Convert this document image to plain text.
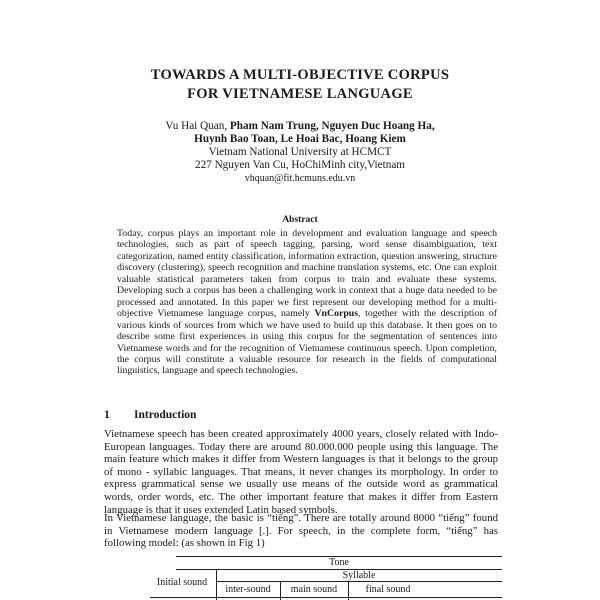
TOWARDS A MULTI-OBJECTIVE CORPUS
FOR VIETNAMESE LANGUAGE
Vu Hai Quan, Pham Nam Trung, Nguyen Duc Hoang Ha,
Huynh Bao Toan, Le Hoai Bac, Hoang Kiem
Vietnam National University at HCMCT
227 Nguyen Van Cu, HoChiMinh city,Vietnam
vhquan@fit.hcmuns.edu.vn
Abstract
Today, corpus plays an important role in development and evaluation language and speech technologies, such as part of speech tagging, parsing, word sense disambiguation, text categorization, named entity classification, information extraction, question answering, structure discovery (clustering), speech recognition and machine translation systems, etc. One can exploit valuable statistical parameters taken from corpus to train and evaluate these systems. Developing such a corpus has been a challenging work in context that a huge data needed to be processed and annotated. In this paper we first represent our developing method for a multi-objective Vietnamese language corpus, namely VnCorpus, together with the description of various kinds of sources from which we have used to build up this database. It then goes on to describe some first experiences in using this corpus for the segmentation of sentences into Vietnamese words and for the recognition of Vietnamese continuous speech. Upon completion, the corpus will constitute a valuable resource for research in the fields of computational linguistics, language and speech technologies.
1 Introduction
Vietnamese speech has been created approximately 4000 years, closely related with Indo-European languages. Today there are around 80.000.000 people using this language. The main feature which makes it differ from Western languages is that it belongs to the group of mono - syllabic languages. That means, it never changes its morphology. In order to express grammatical sense we usually use means of the outside word as grammatical words, order words, etc. The other important feature that makes it differ from Eastern language is that it uses extended Latin based symbols.
In Vietnamese language, the basic is “tiếng”. There are totally around 8000 “tiếng” found in Vietnamese modern language [.]. For speech, in the complete form, “tiếng” has following model: (as shown in Fig 1)
Tone
Syllable
Initial sound
inter-sound	main sound	final sound
